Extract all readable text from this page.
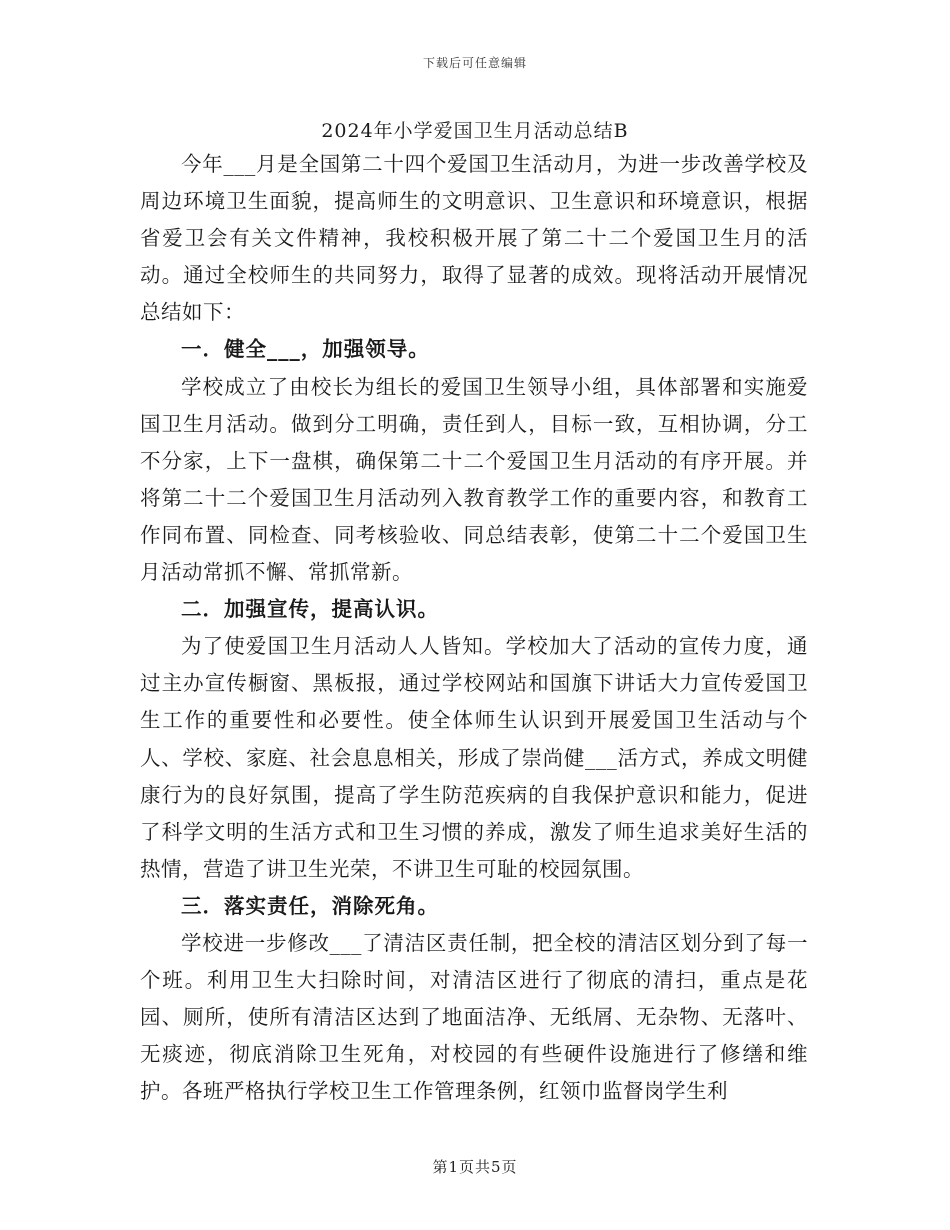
下载后可任意编辑
2024年小学爱国卫生月活动总结B

今年___月是全国第二十四个爱国卫生活动月，为进一步改善学校及周边环境卫生面貌，提高师生的文明意识、卫生意识和环境意识，根据省爱卫会有关文件精神，我校积极开展了第二十二个爱国卫生月的活动。通过全校师生的共同努力，取得了显著的成效。现将活动开展情况总结如下：

一．健全___，加强领导。

学校成立了由校长为组长的爱国卫生领导小组，具体部署和实施爱国卫生月活动。做到分工明确，责任到人，目标一致，互相协调，分工不分家，上下一盘棋，确保第二十二个爱国卫生月活动的有序开展。并将第二十二个爱国卫生月活动列入教育教学工作的重要内容，和教育工作同布置、同检查、同考核验收、同总结表彰，使第二十二个爱国卫生月活动常抓不懈、常抓常新。

二．加强宣传，提高认识。

为了使爱国卫生月活动人人皆知。学校加大了活动的宣传力度，通过主办宣传橱窗、黑板报，通过学校网站和国旗下讲话大力宣传爱国卫生工作的重要性和必要性。使全体师生认识到开展爱国卫生活动与个人、学校、家庭、社会息息相关，形成了崇尚健___活方式，养成文明健康行为的良好氛围，提高了学生防范疾病的自我保护意识和能力，促进了科学文明的生活方式和卫生习惯的养成，激发了师生追求美好生活的热情，营造了讲卫生光荣，不讲卫生可耻的校园氛围。

三．落实责任，消除死角。

学校进一步修改___了清洁区责任制，把全校的清洁区划分到了每一个班。利用卫生大扫除时间，对清洁区进行了彻底的清扫，重点是花园、厕所，使所有清洁区达到了地面洁净、无纸屑、无杂物、无落叶、无痰迹，彻底消除卫生死角，对校园的有些硬件设施进行了修缮和维护。各班严格执行学校卫生工作管理条例，红领巾监督岗学生利

第1页共5页
